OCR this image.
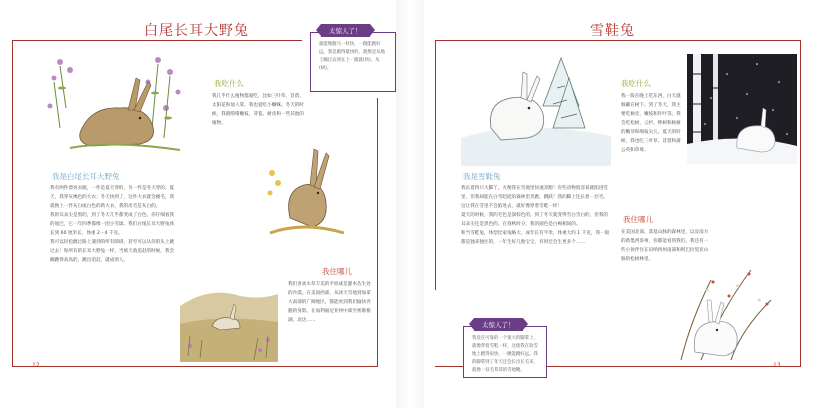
白尾长耳大野兔	太惊人了！
就能像跑马一样快，一蹬能跑好远。我是跑得最快的，就像是从地上蹦过去到在上一蹬就(快)，从(树)。
我吃什么
我几乎什么植物都爱吃，比如三叶草、苜蓿、太阳花和仙人掌。我也爱吃小蜘蛛。冬天的时候，我就啃啃嫩枝、芽苞、树皮和一些其他的植物。
我是白尾长耳大野兔

我有两件漂亮衣服，一件是夏天穿的，另一件是冬天穿的。夏天，我穿灰褐色的大衣；冬天快到了，这件大衣就会褪毛，我就换上一件灰白或白色的新大衣，我的皮毛是灰白的。

我的耳朵尖是黑的，到了冬天几乎都变成了白色。你仔细看我的尾巴，它一年四季都像一团小雪球。我们白尾长耳大野兔体长到 60 厘米长，体重 2－4 千克。

我可以轻松跳过路上遇到的所有障碍，甚至可以从你的头上跳过去！和所有的长耳大野兔一样，当被天敌追赶的时候，我会蹦跳得高高的，跳出追赶，就成别人。

我住哪儿
我们喜欢水草丰美的平原或是灌木丛生处的沙漠。在美国西部，从冰天雪地到加拿大南部的广阔地区，都能看到我们愉快奔跑的身影。在加利福尼亚州中部至密歇根湖、北达……
12
雪鞋兔
我吃什么
我一般在晚上吃东西，白天就躲藏在树下。到了冬天，我主要吃树皮、嫩枝和针叶等。我会吃松树、云杉、桦树和杨树的嫩芽和细枝尖儿。夏天的时候，我也吃三叶草、苜蓿和蒲公英和草莓。
我是雪鞋兔

我长着四只大脚丫，方便我在雪地里快速奔跑！有些动物很容易就陷进雪里，但我却能在白雪皑皑的森林里奔跑、跳跃！我的脚上还长着一层毛，这让我在雪里不会陷进去，就好像穿着雪鞋一样！

夏天的时候，我的毛色是深棕色的。到了冬天就变得雪白雪白的，但我的耳朵尖还是黑色的。在春秋时分，我的颜色是白褐相间的。

和当雪鞋兔，体型比家兔略大。成年长有半米，体重大约 1 千克，我一般都是独来独往的，一年生好几胎宝宝，有时还会生更多个……

我住哪儿
在美国北部、落基山脉的森林里，以及南方的新墨西哥州，你都能看到我们。我还有一些小伙伴住在田纳西州南部和阿巴拉契亚山脉的松树林里。
太惊人了！
我登在可靠的一个很大的脚掌上，就像穿着雪鞋一样，这使我在软雪地上跑得很快，一跳能跳好远。我的脚掌到了冬天还会长出长毛来，就像一双毛茸茸的雪地靴。
13
